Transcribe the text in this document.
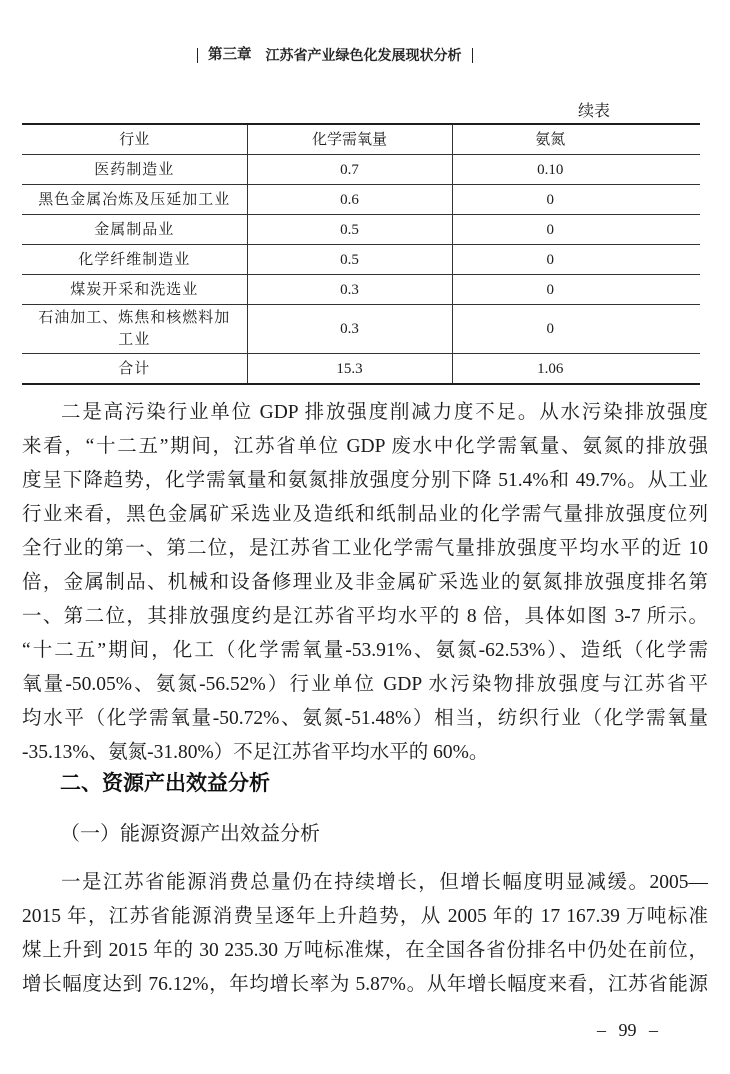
第三章 江苏省产业绿色化发展现状分析
续表
行业	化学需氧量	氨氮
医药制造业	0.7	0.10
黑色金属冶炼及压延加工业	0.6	0
金属制品业	0.5	0
化学纤维制造业	0.5	0
煤炭开采和洗选业	0.3	0
石油加工、炼焦和核燃料加工业	0.3	0
合计	15.3	1.06
二是高污染行业单位 GDP 排放强度削减力度不足。从水污染排放强度
来看，“十二五”期间，江苏省单位 GDP 废水中化学需氧量、氨氮的排放强
度呈下降趋势，化学需氧量和氨氮排放强度分别下降 51.4%和 49.7%。从工业
行业来看，黑色金属矿采选业及造纸和纸制品业的化学需气量排放强度位列
全行业的第一、第二位，是江苏省工业化学需气量排放强度平均水平的近 10
倍，金属制品、机械和设备修理业及非金属矿采选业的氨氮排放强度排名第
一、第二位，其排放强度约是江苏省平均水平的 8 倍，具体如图 3-7 所示。
“十二五”期间，化工（化学需氧量-53.91%、氨氮-62.53%）、造纸（化学需
氧量-50.05%、氨氮-56.52%）行业单位 GDP 水污染物排放强度与江苏省平
均水平（化学需氧量-50.72%、氨氮-51.48%）相当，纺织行业（化学需氧量
-35.13%、氨氮-31.80%）不足江苏省平均水平的 60%。
二、资源产出效益分析
（一）能源资源产出效益分析
一是江苏省能源消费总量仍在持续增长，但增长幅度明显减缓。2005—
2015 年，江苏省能源消费呈逐年上升趋势，从 2005 年的 17 167.39 万吨标准
煤上升到 2015 年的 30 235.30 万吨标准煤，在全国各省份排名中仍处在前位，
增长幅度达到 76.12%，年均增长率为 5.87%。从年增长幅度来看，江苏省能源
– 99 –
